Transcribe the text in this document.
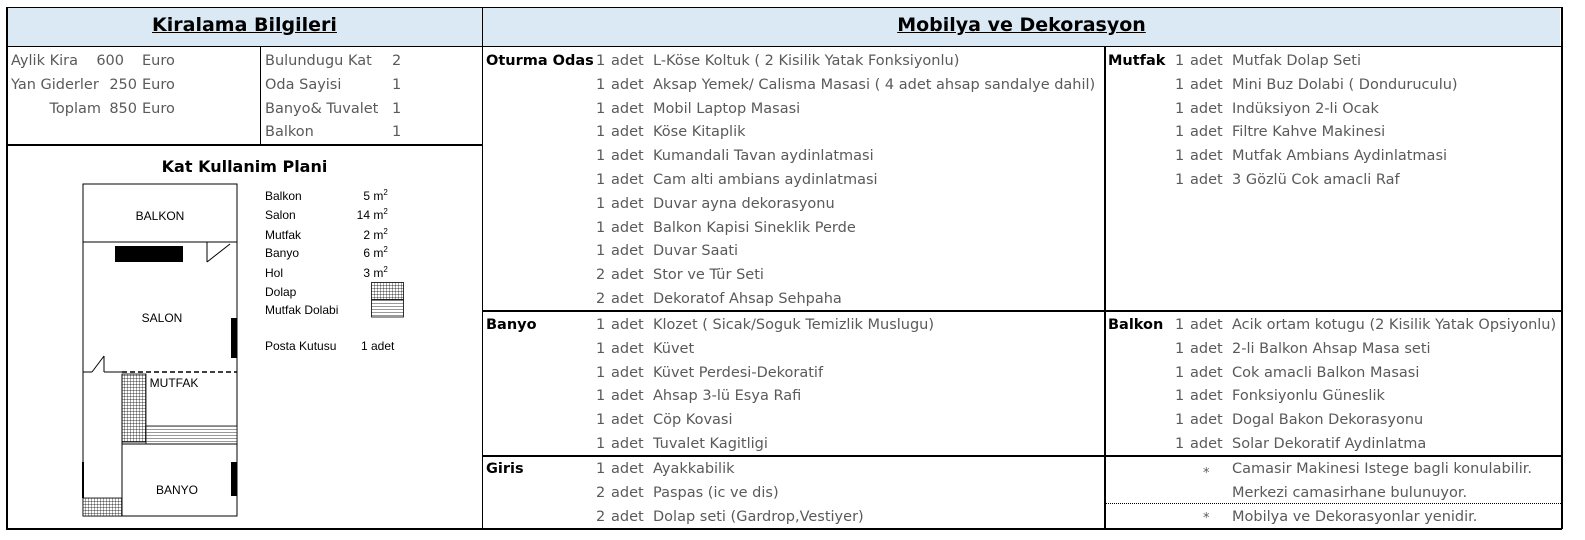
Kiralama Bilgileri	Mobilya ve Dekorasyon
Aylik Kira 600 Euro
Yan Giderler 250 Euro
Toplam 850 Euro
Bulundugu Kat 2
Oda Sayisi	1
Banyo& Tuvalet 1
Balkon	1
Kat Kullanim Plani
BALKON
SALON
MUTFAK
BANYO
Balkon	5 $m^2$
Salon	14 $m^2$
Mutfak	2 $m^2$
Banyo	6 $m^2$
Hol	3 $m^2$
Dolap
Mutfak Dolabi
Posta Kutusu 1 adet
Oturma Odas 1 adet L-Köse Koltuk ( 2 Kisilik Yatak Fonksiyonlu)
1 adet Aksap Yemek/ Calisma Masasi ( 4 adet ahsap sandalye dahil)
1 adet Mobil Laptop Masasi
1 adet Köse Kitaplik
1 adet Kumandali Tavan aydinlatmasi
1 adet Cam alti ambians aydinlatmasi
1 adet Duvar ayna dekorasyonu
1 adet Balkon Kapisi Sineklik Perde
1 adet Duvar Saati
2 adet Stor ve Tür Seti
2 adet Dekoratof Ahsap Sehpaha
Mutfak 1 adet Mutfak Dolap Seti
1 adet Mini Buz Dolabi ( Donduruculu)
1 adet Indüksiyon 2-li Ocak
1 adet Filtre Kahve Makinesi
1 adet Mutfak Ambians Aydinlatmasi
1 adet 3 Gözlü Cok amacli Raf
Banyo	1 adet Klozet ( Sicak/Soguk Temizlik Muslugu)
1 adet Küvet
1 adet Küvet Perdesi-Dekoratif
1 adet Ahsap 3-lü Esya Rafi
1 adet Cöp Kovasi
1 adet Tuvalet Kagitligi
Balkon 1 adet Acik ortam kotugu (2 Kisilik Yatak Opsiyonlu)
1 adet 2-li Balkon Ahsap Masa seti
1 adet Cok amacli Balkon Masasi
1 adet Fonksiyonlu Güneslik
1 adet Dogal Bakon Dekorasyonu
1 adet Solar Dekoratif Aydinlatma
Giris	1 adet Ayakkabilik
2 adet Paspas (ic ve dis)
2 adet Dolap seti (Gardrop,Vestiyer)
* Camasir Makinesi Istege bagli konulabilir.
Merkezi camasirhane bulunuyor.
* Mobilya ve Dekorasyonlar yenidir.
